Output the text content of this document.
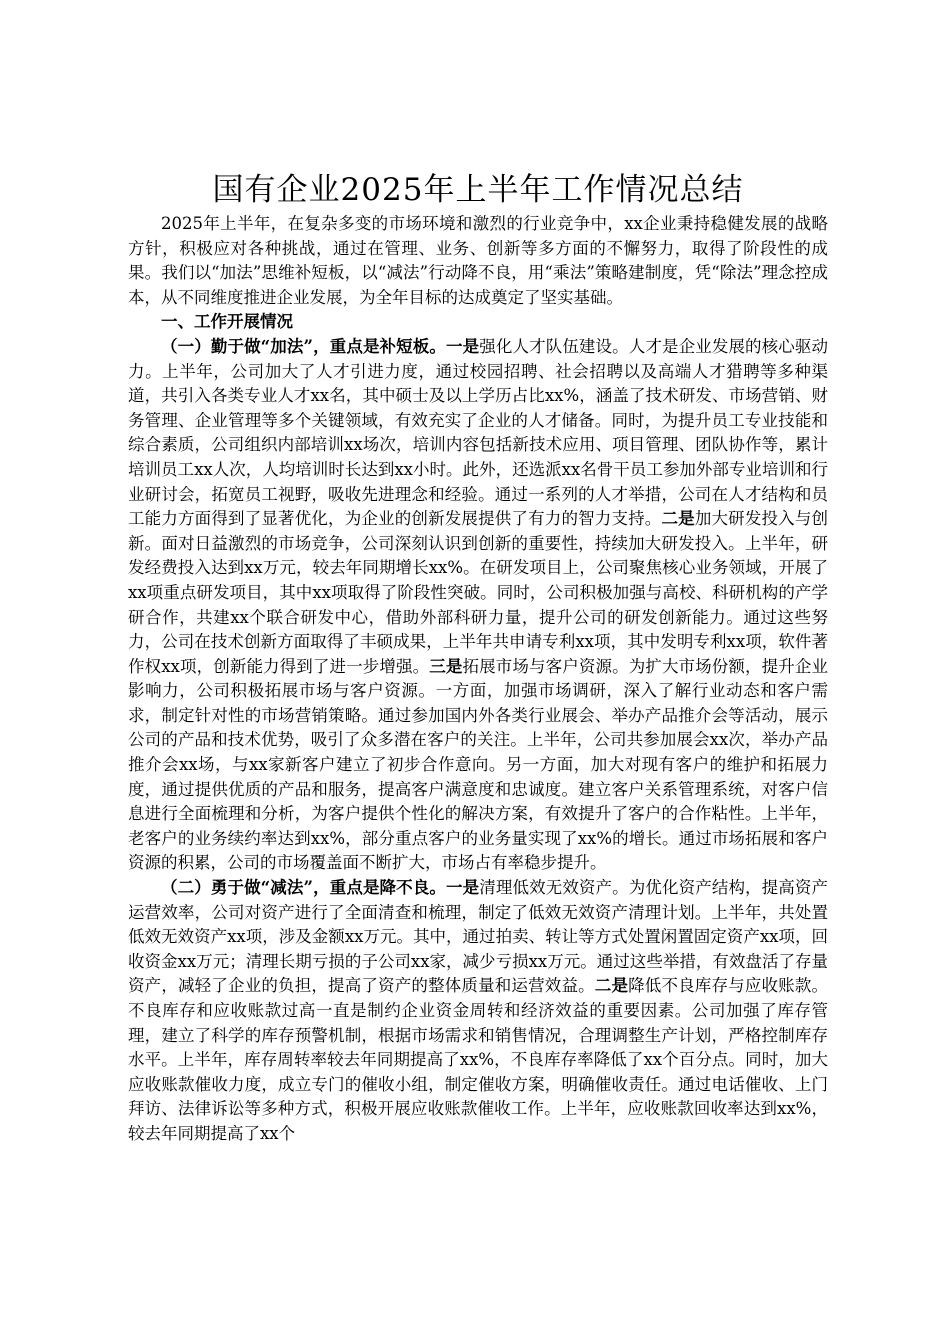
国有企业2025年上半年工作情况总结

2025年上半年，在复杂多变的市场环境和激烈的行业竞争中，xx企业秉持稳健发展的战略方针，积极应对各种挑战，通过在管理、业务、创新等多方面的不懈努力，取得了阶段性的成果。我们以“加法”思维补短板，以“减法”行动降不良，用“乘法”策略建制度，凭“除法”理念控成本，从不同维度推进企业发展，为全年目标的达成奠定了坚实基础。

一、工作开展情况

（一）勤于做“加法”，重点是补短板。一是强化人才队伍建设。人才是企业发展的核心驱动力。上半年，公司加大了人才引进力度，通过校园招聘、社会招聘以及高端人才猎聘等多种渠道，共引入各类专业人才xx名，其中硕士及以上学历占比xx%，涵盖了技术研发、市场营销、财务管理、企业管理等多个关键领域，有效充实了企业的人才储备。同时，为提升员工专业技能和综合素质，公司组织内部培训xx场次，培训内容包括新技术应用、项目管理、团队协作等，累计培训员工xx人次，人均培训时长达到xx小时。此外，还选派xx名骨干员工参加外部专业培训和行业研讨会，拓宽员工视野，吸收先进理念和经验。通过一系列的人才举措，公司在人才结构和员工能力方面得到了显著优化，为企业的创新发展提供了有力的智力支持。二是加大研发投入与创新。面对日益激烈的市场竞争，公司深刻认识到创新的重要性，持续加大研发投入。上半年，研发经费投入达到xx万元，较去年同期增长xx%。在研发项目上，公司聚焦核心业务领域，开展了xx项重点研发项目，其中xx项取得了阶段性突破。同时，公司积极加强与高校、科研机构的产学研合作，共建xx个联合研发中心，借助外部科研力量，提升公司的研发创新能力。通过这些努力，公司在技术创新方面取得了丰硕成果，上半年共申请专利xx项，其中发明专利xx项，软件著作权xx项，创新能力得到了进一步增强。三是拓展市场与客户资源。为扩大市场份额，提升企业影响力，公司积极拓展市场与客户资源。一方面，加强市场调研，深入了解行业动态和客户需求，制定针对性的市场营销策略。通过参加国内外各类行业展会、举办产品推介会等活动，展示公司的产品和技术优势，吸引了众多潜在客户的关注。上半年，公司共参加展会xx次，举办产品推介会xx场，与xx家新客户建立了初步合作意向。另一方面，加大对现有客户的维护和拓展力度，通过提供优质的产品和服务，提高客户满意度和忠诚度。建立客户关系管理系统，对客户信息进行全面梳理和分析，为客户提供个性化的解决方案，有效提升了客户的合作粘性。上半年，老客户的业务续约率达到xx%，部分重点客户的业务量实现了xx%的增长。通过市场拓展和客户资源的积累，公司的市场覆盖面不断扩大，市场占有率稳步提升。

（二）勇于做“减法”，重点是降不良。一是清理低效无效资产。为优化资产结构，提高资产运营效率，公司对资产进行了全面清查和梳理，制定了低效无效资产清理计划。上半年，共处置低效无效资产xx项，涉及金额xx万元。其中，通过拍卖、转让等方式处置闲置固定资产xx项，回收资金xx万元；清理长期亏损的子公司xx家，减少亏损xx万元。通过这些举措，有效盘活了存量资产，减轻了企业的负担，提高了资产的整体质量和运营效益。二是降低不良库存与应收账款。不良库存和应收账款过高一直是制约企业资金周转和经济效益的重要因素。公司加强了库存管理，建立了科学的库存预警机制，根据市场需求和销售情况，合理调整生产计划，严格控制库存水平。上半年，库存周转率较去年同期提高了xx%，不良库存率降低了xx个百分点。同时，加大应收账款催收力度，成立专门的催收小组，制定催收方案，明确催收责任。通过电话催收、上门拜访、法律诉讼等多种方式，积极开展应收账款催收工作。上半年，应收账款回收率达到xx%，较去年同期提高了xx个
